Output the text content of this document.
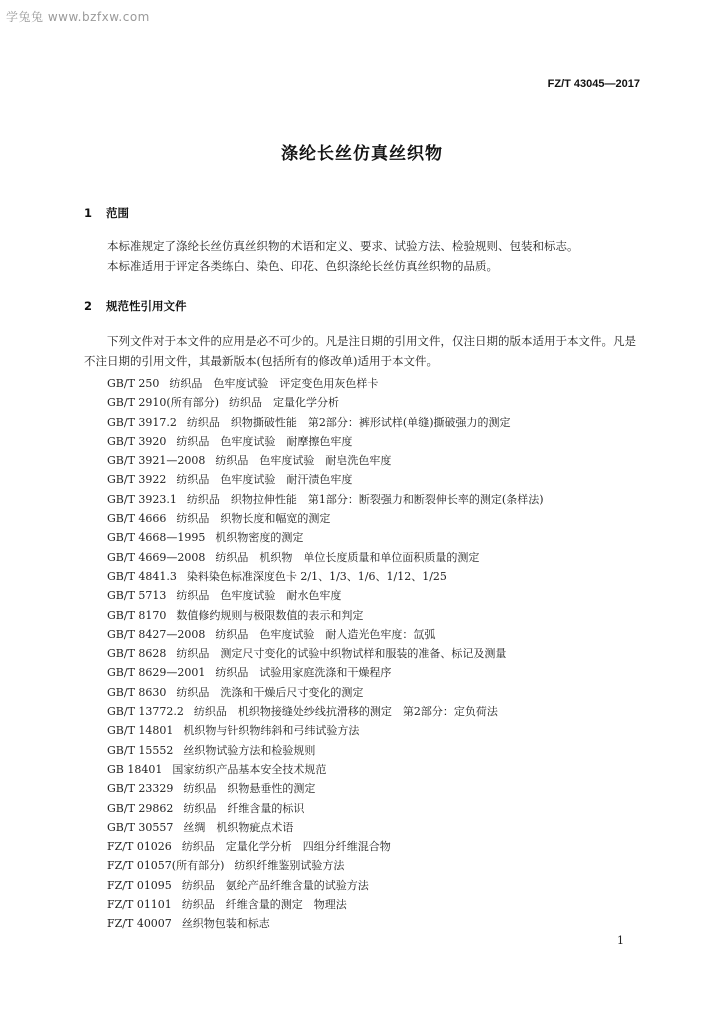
学兔兔 www.bzfxw.com
FZ/T 43045—2017
涤纶长丝仿真丝织物
1 范围

本标准规定了涤纶长丝仿真丝织物的术语和定义、要求、试验方法、检验规则、包装和标志。

本标准适用于评定各类练白、染色、印花、色织涤纶长丝仿真丝织物的品质。

2 规范性引用文件

下列文件对于本文件的应用是必不可少的。凡是注日期的引用文件，仅注日期的版本适用于本文件。凡是不注日期的引用文件，其最新版本(包括所有的修改单)适用于本文件。

GB/T 250 纺织品　色牢度试验　评定变色用灰色样卡
GB/T 2910(所有部分) 纺织品　定量化学分析
GB/T 3917.2 纺织品　织物撕破性能　第2部分：裤形试样(单缝)撕破强力的测定
GB/T 3920 纺织品　色牢度试验　耐摩擦色牢度
GB/T 3921—2008 纺织品　色牢度试验　耐皂洗色牢度
GB/T 3922 纺织品　色牢度试验　耐汗渍色牢度
GB/T 3923.1 纺织品　织物拉伸性能　第1部分：断裂强力和断裂伸长率的测定(条样法)
GB/T 4666 纺织品　织物长度和幅宽的测定
GB/T 4668—1995 机织物密度的测定
GB/T 4669—2008 纺织品　机织物　单位长度质量和单位面积质量的测定
GB/T 4841.3 染料染色标准深度色卡 2/1、1/3、1/6、1/12、1/25
GB/T 5713 纺织品　色牢度试验　耐水色牢度
GB/T 8170 数值修约规则与极限数值的表示和判定
GB/T 8427—2008 纺织品　色牢度试验　耐人造光色牢度：氙弧
GB/T 8628 纺织品　测定尺寸变化的试验中织物试样和服装的准备、标记及测量
GB/T 8629—2001 纺织品　试验用家庭洗涤和干燥程序
GB/T 8630 纺织品　洗涤和干燥后尺寸变化的测定
GB/T 13772.2 纺织品　机织物接缝处纱线抗滑移的测定　第2部分：定负荷法
GB/T 14801 机织物与针织物纬斜和弓纬试验方法
GB/T 15552 丝织物试验方法和检验规则
GB 18401 国家纺织产品基本安全技术规范
GB/T 23329 纺织品　织物悬垂性的测定
GB/T 29862 纺织品　纤维含量的标识
GB/T 30557 丝绸　机织物疵点术语
FZ/T 01026 纺织品　定量化学分析　四组分纤维混合物
FZ/T 01057(所有部分) 纺织纤维鉴别试验方法
FZ/T 01095 纺织品　氨纶产品纤维含量的试验方法
FZ/T 01101 纺织品　纤维含量的测定　物理法
FZ/T 40007 丝织物包装和标志
1
